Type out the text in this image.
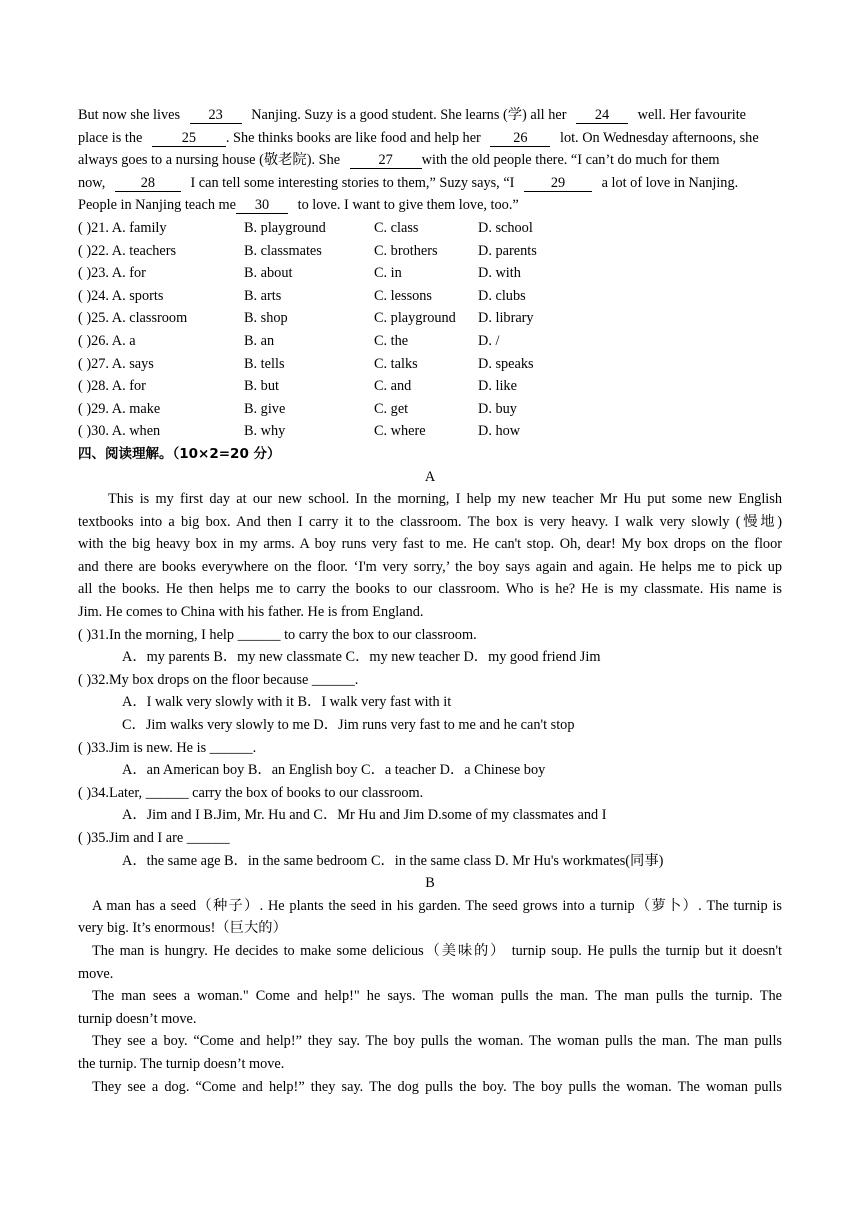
But now she lives 23 Nanjing. Suzy is a good student. She learns (学) all her 24 well. Her favourite
place is the	25 . She thinks books are like food and help her 26 lot. On Wednesday afternoons, she
always goes to a nursing house (敬老院). She	27 with the old people there. “I can’t do much for them
now, 28 I can tell some interesting stories to them,” Suzy says, “I	29	a lot of love in Nanjing.
People in Nanjing teach me 30 to love. I want to give them love, too.”
( )21. A. family	B. playground	C. class	D. school
( )22. A. teachers	B. classmates	C. brothers	D. parents
( )23. A. for	B. about	C. in	D. with
( )24. A. sports	B. arts	C. lessons	D. clubs
( )25. A. classroom	B. shop	C. playground D. library
( )26. A. a	B. an	C. the	D. /
( )27. A. says	B. tells	C. talks	D. speaks
( )28. A. for	B. but	C. and	D. like
( )29. A. make	B. give	C. get	D. buy
( )30. A. when	B. why	C. where	D. how
四、阅读理解。（10×2=20 分）
A
This is my first day at our new school. In the morning, I help my new teacher Mr Hu put some new English
textbooks into a big box. And then I carry it to the classroom. The box is very heavy. I walk very slowly (慢地)
with the big heavy box in my arms. A boy runs very fast to me. He can't stop. Oh, dear! My box drops on the floor
and there are books everywhere on the floor. ‘I'm very sorry,’ the boy says again and again. He helps me to pick up
all the books. He then helps me to carry the books to our classroom. Who is he? He is my classmate. His name is
Jim. He comes to China with his father. He is from England.
( )31.In the morning, I help ______ to carry the box to our classroom.
A．my parents B．my new classmate C．my new teacher D．my good friend Jim
( )32.My box drops on the floor because ______.
A．I walk very slowly with it B．I walk very fast with it
C．Jim walks very slowly to me D．Jim runs very fast to me and he can't stop
( )33.Jim is new. He is ______.
A．an American boy B．an English boy C．a teacher D．a Chinese boy
( )34.Later, ______ carry the box of books to our classroom.
A．Jim and I B.Jim, Mr. Hu and C．Mr Hu and Jim D.some of my classmates and I
( )35.Jim and I are ______
A．the same age B．in the same bedroom C．in the same class D. Mr Hu's workmates(同事)
B
A man has a seed（种子）. He plants the seed in his garden. The seed grows into a turnip（萝卜）. The turnip is
very big. It’s enormous!（巨大的）
The man is hungry. He decides to make some delicious（美味的） turnip soup. He pulls the turnip but it doesn't
move.
The man sees a woman." Come and help!" he says. The woman pulls the man. The man pulls the turnip. The
turnip doesn’t move.
They see a boy. “Come and help!” they say. The boy pulls the woman. The woman pulls the man. The man pulls
the turnip. The turnip doesn’t move.
They see a dog. “Come and help!” they say. The dog pulls the boy. The boy pulls the woman. The woman pulls
